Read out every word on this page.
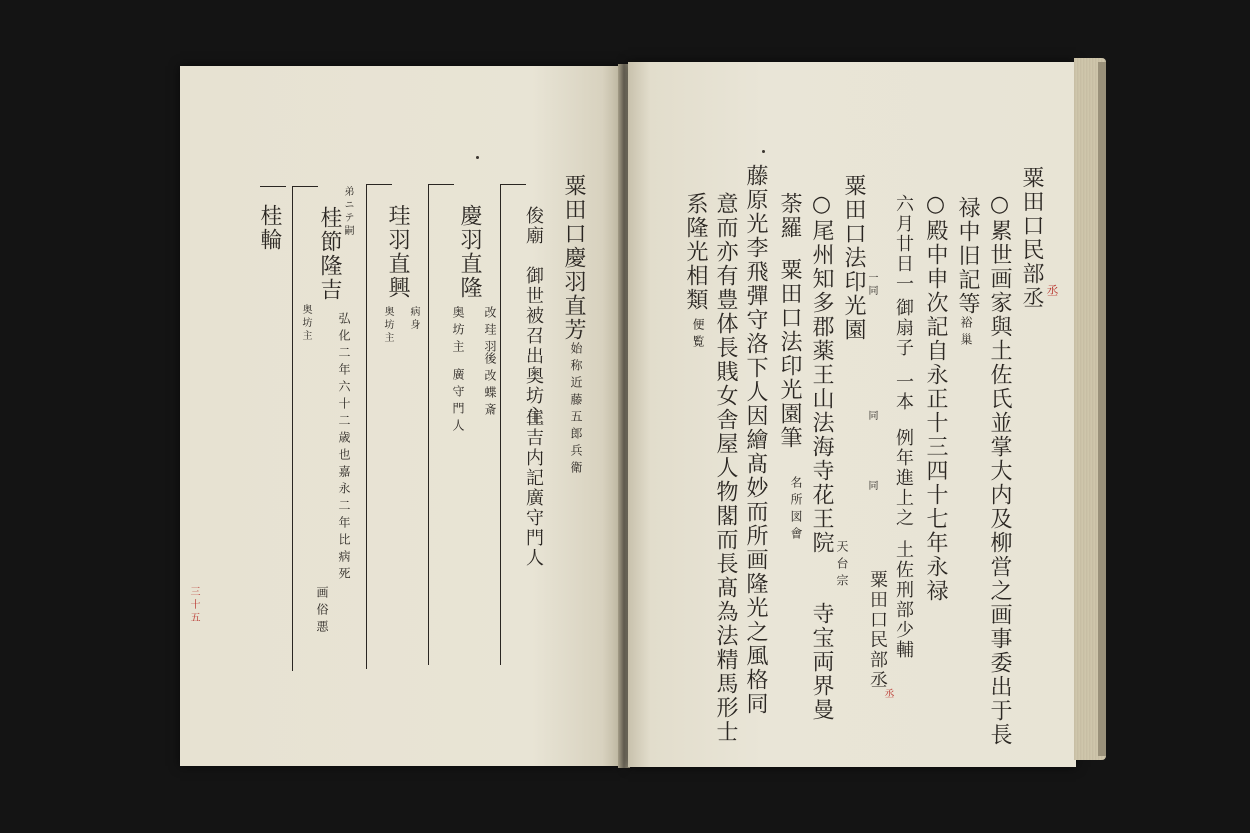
粟田口慶羽直芳
始称近藤五郎兵衛
俊廟
御世被召出奥坊主
住吉内記廣守門人
慶羽直隆
改珪羽
後改蝶斎
奥坊主
廣守門人
珪羽直興
病身
奥坊主
弟ニテ嗣
桂節隆吉
弘化二年六十二歳也嘉永二年比病死
画俗悪
奥坊主
桂輪
三十五
粟田口民部丞 丞
○累世画家與土佐氏並掌大内及柳営之画事委出于長
禄中旧記等
裕巢
○殿中申次記自永正十三四十七年永禄
六月廿日一
御扇子
一本
例年進上之
土佐刑部少輔
一同
同
同
粟田口民部丞
丞
粟田口法印光園
○尾州知多郡薬王山法海寺花王院
天台宗
寺宝両界曼
荼羅
粟田口法印光園筆
名所図會
藤原光李飛彈守洛下人因繪髙妙而所画隆光之風格同
意而亦有豊体長賎女舎屋人物閣而長髙為法精馬形士
系隆光相類
便覧
